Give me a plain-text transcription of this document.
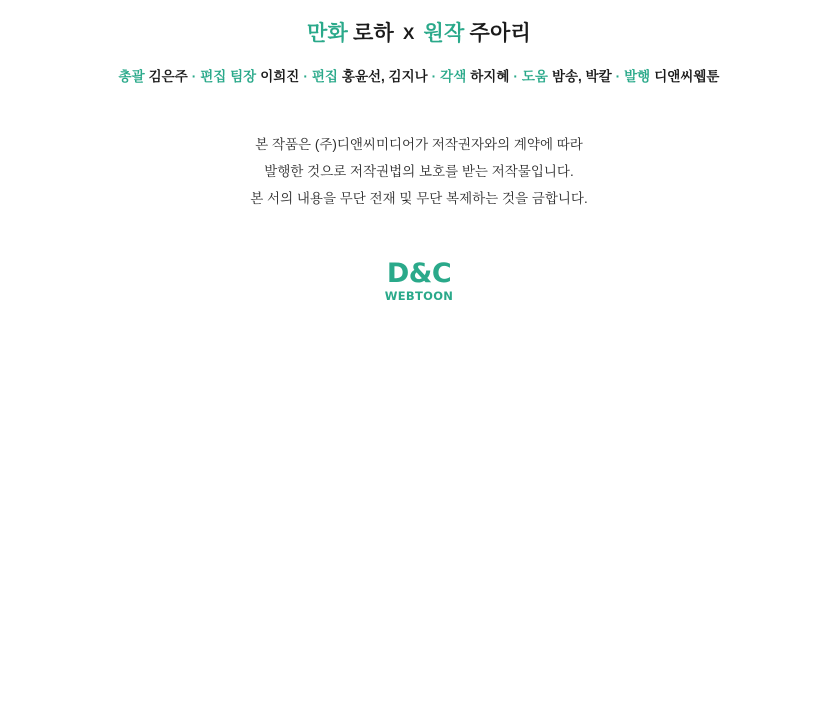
만화 로하 X 원작 주아리
총괄 김은주 · 편집 팀장 이희진 · 편집 홍윤선, 김지나 · 각색 하지혜 · 도움 밤송, 박칼 · 발행 디앤씨웹툰
본 작품은 (주)디앤씨미디어가 저작권자와의 계약에 따라
발행한 것으로 저작권법의 보호를 받는 저작물입니다.
본 서의 내용을 무단 전재 및 무단 복제하는 것을 금합니다.
D&C
WEBTOON
